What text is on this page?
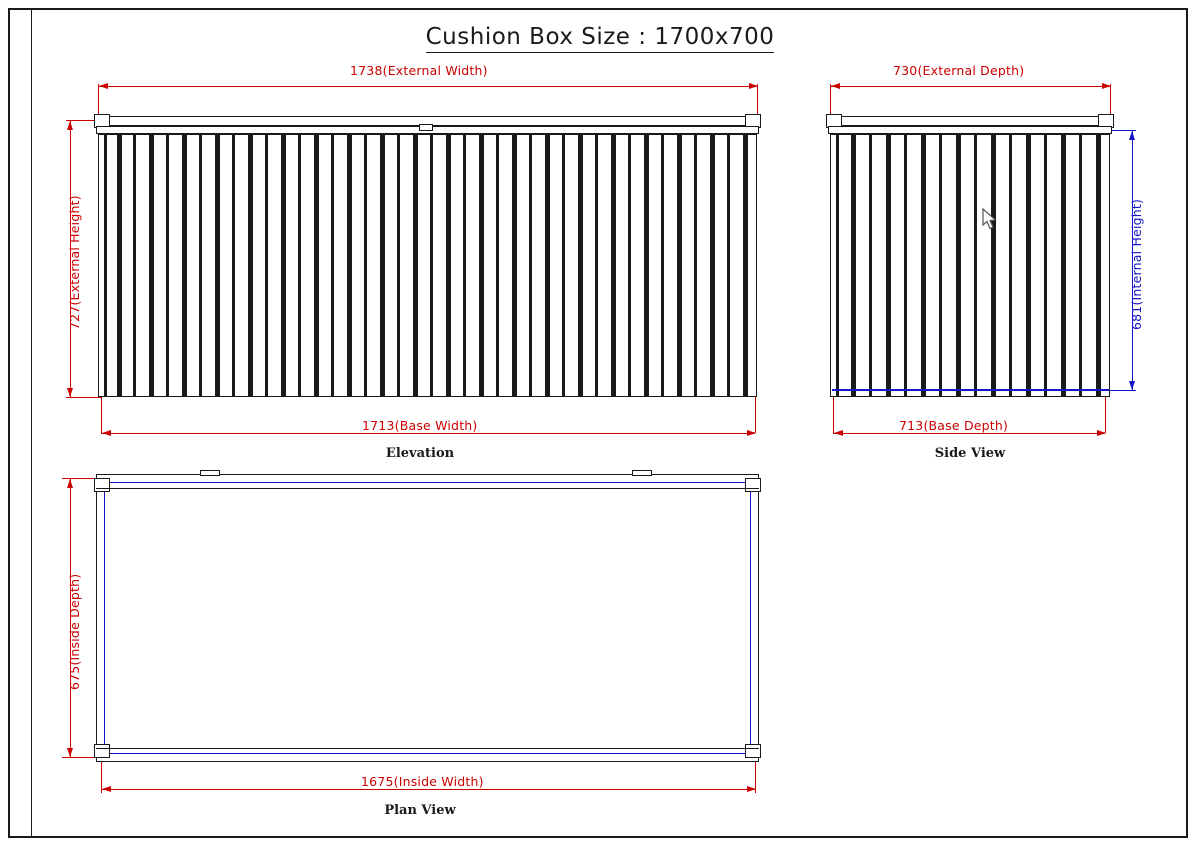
Cushion Box Size : 1700x700
1738(External Width)
727(External Height)
1713(Base Width)
Elevation
730(External Depth)
681(Internal Height)
713(Base Depth)
Side View
675(Inside Depth)
1675(Inside Width)
Plan View
